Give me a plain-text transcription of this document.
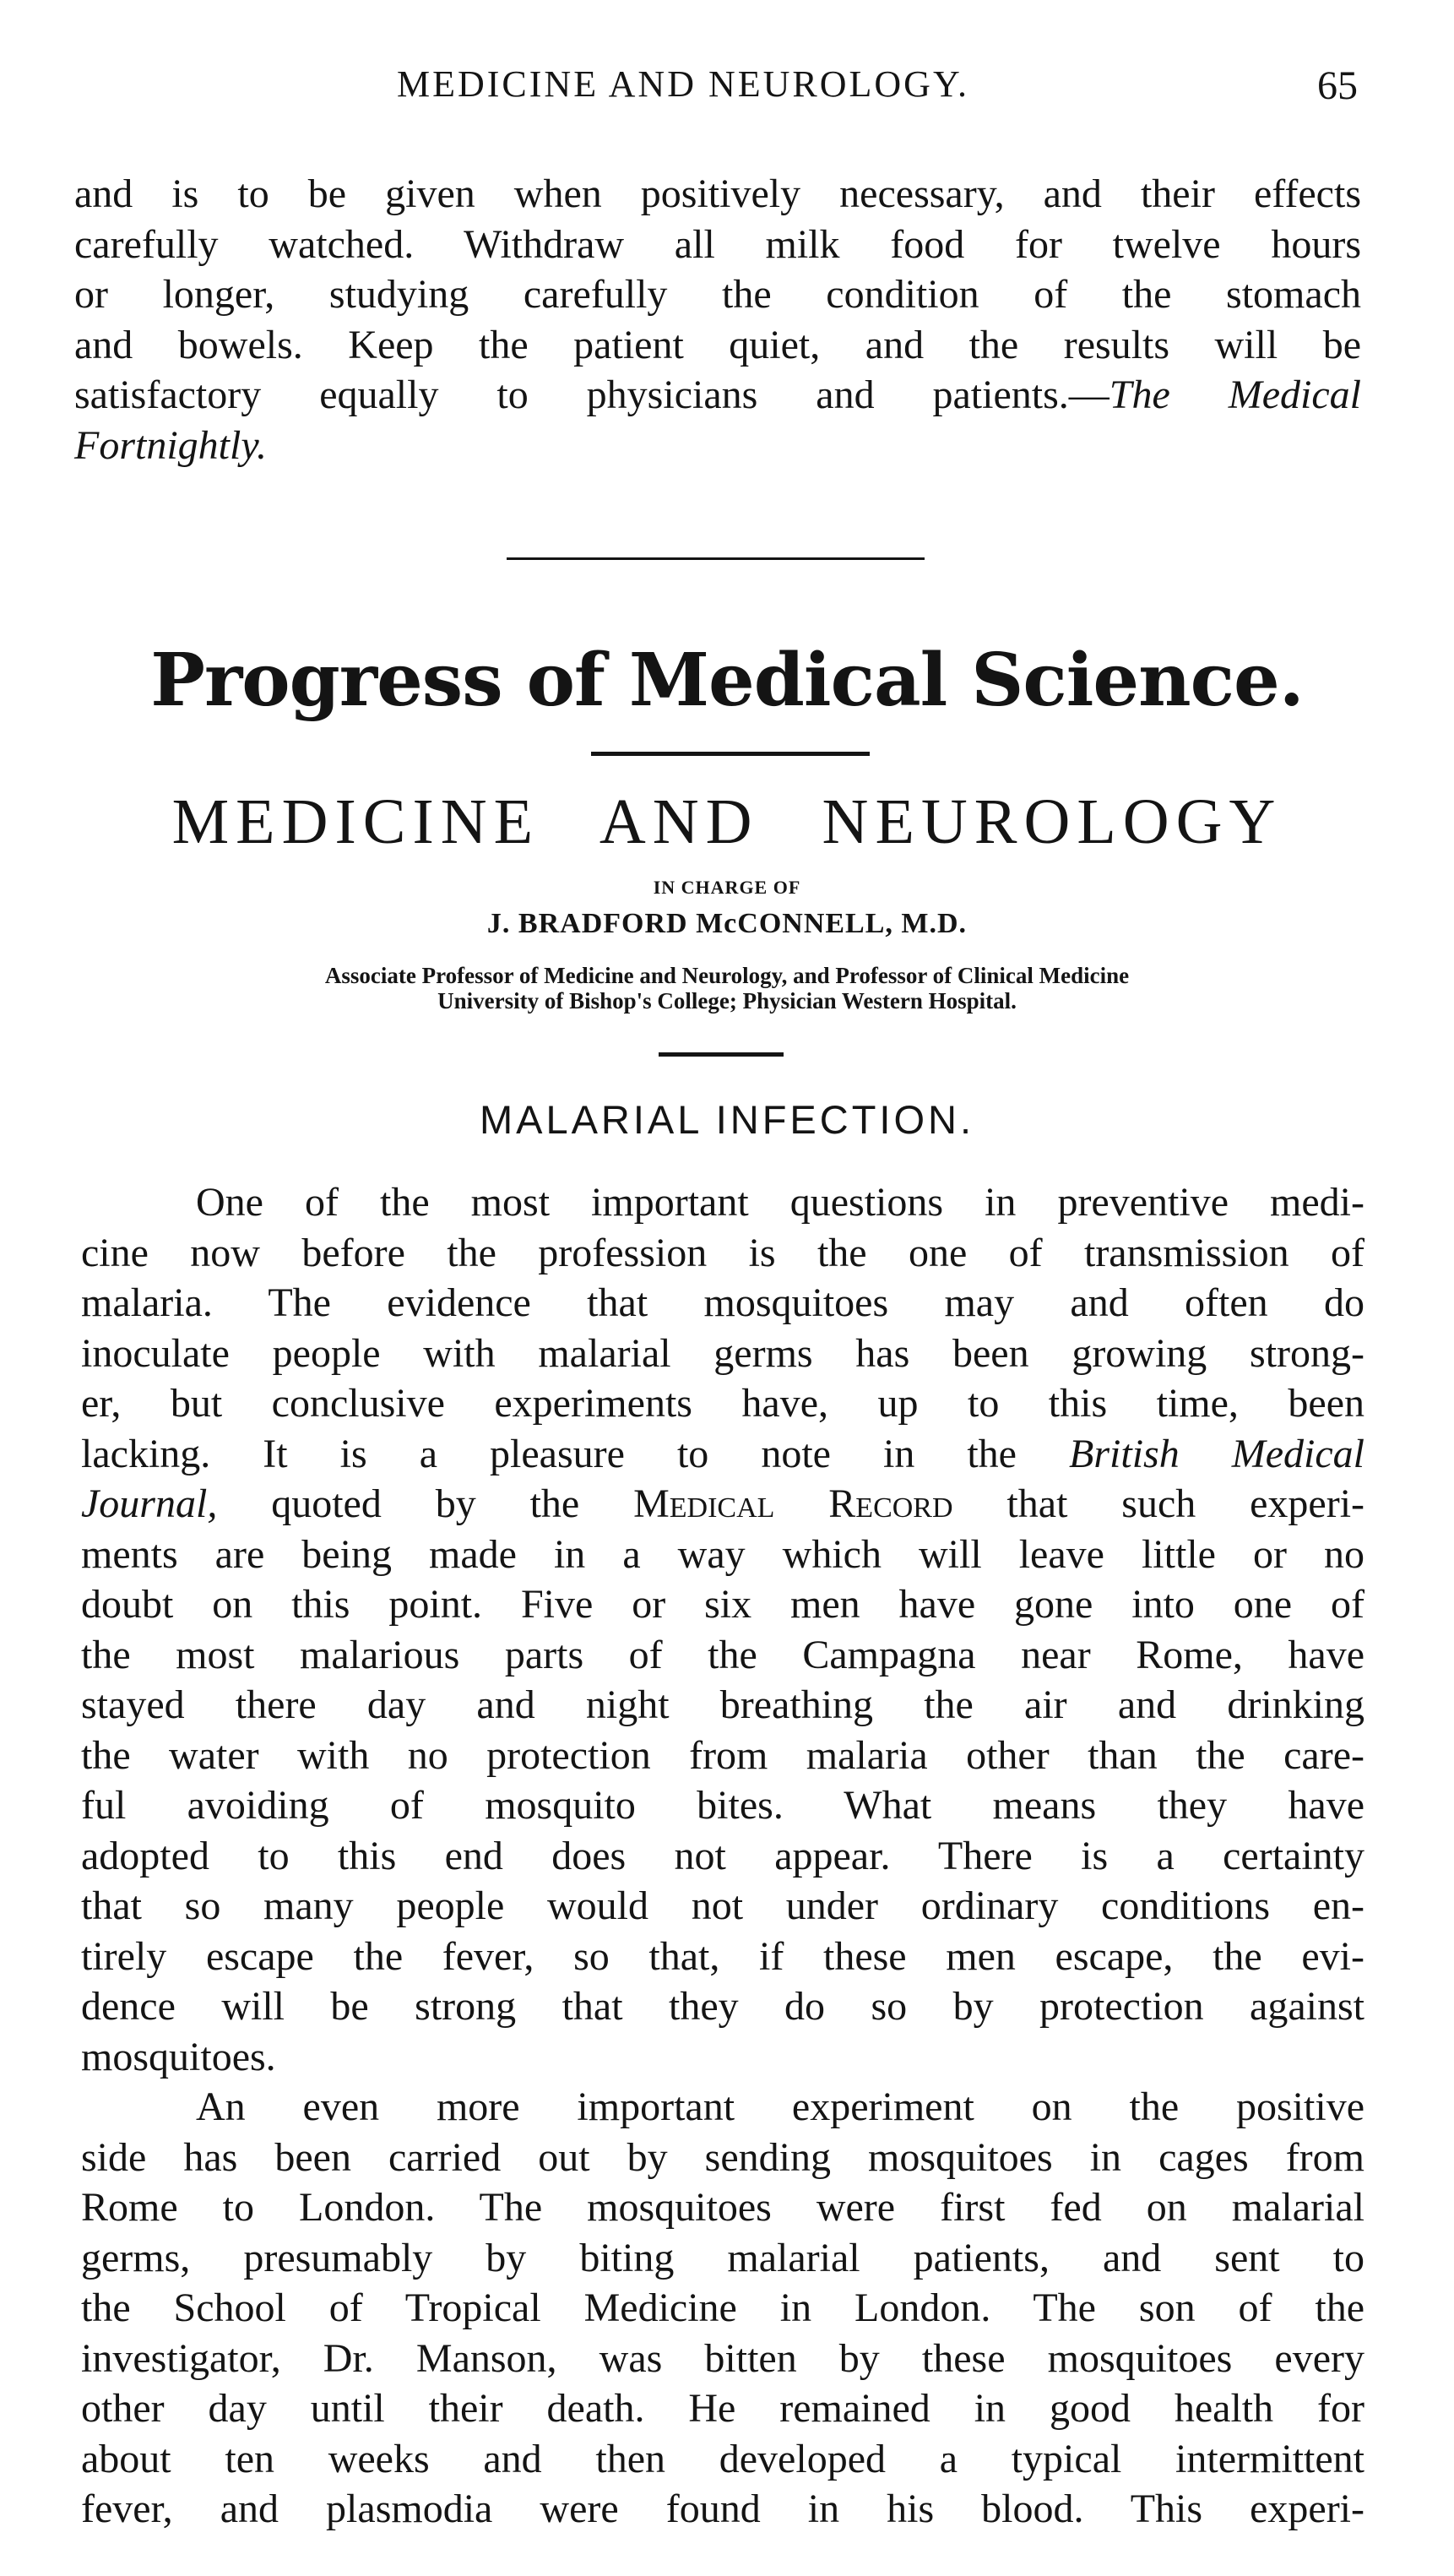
MEDICINE AND NEUROLOGY.	65
and is to be given when positively necessary, and their effects
carefully watched. Withdraw all milk food for twelve hours
or longer, studying carefully the condition of the stomach
and bowels. Keep the patient quiet, and the results will be
satisfactory equally to physicians and patients.—The Medical
Fortnightly.
Progress of Medical Science.
MEDICINE AND NEUROLOGY
IN CHARGE OF
J. BRADFORD McCONNELL, M.D.
Associate Professor of Medicine and Neurology, and Professor of Clinical Medicine
University of Bishop's College; Physician Western Hospital.
MALARIAL INFECTION.
One of the most important questions in preventive medi-
cine now before the profession is the one of transmission of
malaria. The evidence that mosquitoes may and often do
inoculate people with malarial germs has been growing strong-
er, but conclusive experiments have, up to this time, been
lacking. It is a pleasure to note in the British Medical
Journal, quoted by the Medical Record that such experi-
ments are being made in a way which will leave little or no
doubt on this point. Five or six men have gone into one of
the most malarious parts of the Campagna near Rome, have
stayed there day and night breathing the air and drinking
the water with no protection from malaria other than the care-
ful avoiding of mosquito bites. What means they have
adopted to this end does not appear. There is a certainty
that so many people would not under ordinary conditions en-
tirely escape the fever, so that, if these men escape, the evi-
dence will be strong that they do so by protection against
mosquitoes.
An even more important experiment on the positive
side has been carried out by sending mosquitoes in cages from
Rome to London. The mosquitoes were first fed on malarial
germs, presumably by biting malarial patients, and sent to
the School of Tropical Medicine in London. The son of the
investigator, Dr. Manson, was bitten by these mosquitoes every
other day until their death. He remained in good health for
about ten weeks and then developed a typical intermittent
fever, and plasmodia were found in his blood. This experi-
